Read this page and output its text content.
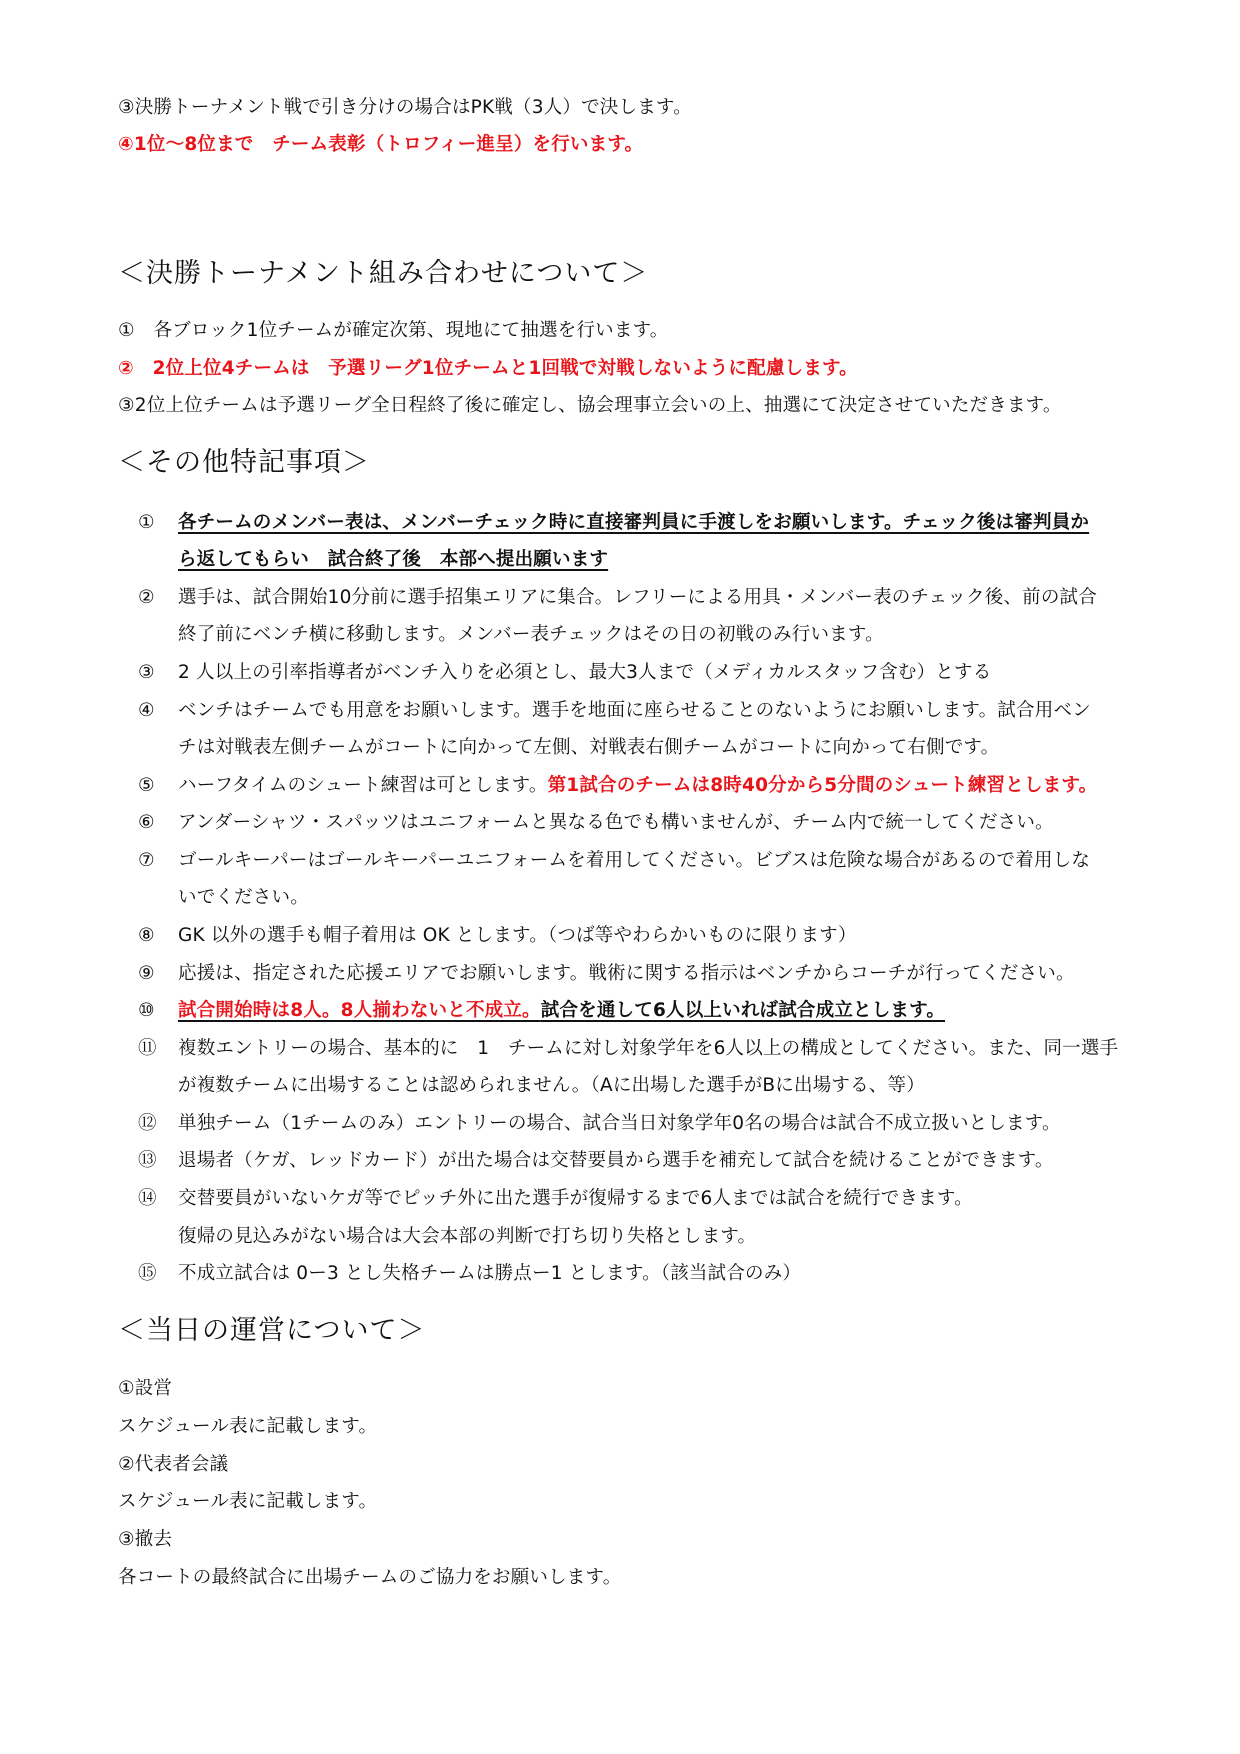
③決勝トーナメント戦で引き分けの場合はPK戦（3人）で決します。
④1位～8位まで　チーム表彰（トロフィー進呈）を行います。
＜決勝トーナメント組み合わせについて＞
①　各ブロック1位チームが確定次第、現地にて抽選を行います。
②　2位上位4チームは　予選リーグ1位チームと1回戦で対戦しないように配慮します。
③2位上位チームは予選リーグ全日程終了後に確定し、協会理事立会いの上、抽選にて決定させていただきます。
＜その他特記事項＞
①	各チームのメンバー表は、メンバーチェック時に直接審判員に手渡しをお願いします。チェック後は審判員か
ら返してもらい　試合終了後　本部へ提出願います
②	選手は、試合開始10分前に選手招集エリアに集合。レフリーによる用具・メンバー表のチェック後、前の試合
終了前にベンチ横に移動します。メンバー表チェックはその日の初戦のみ行います。
③	2 人以上の引率指導者がベンチ入りを必須とし、最大3人まで（メディカルスタッフ含む）とする
④	ベンチはチームでも用意をお願いします。選手を地面に座らせることのないようにお願いします。試合用ベン
チは対戦表左側チームがコートに向かって左側、対戦表右側チームがコートに向かって右側です。
⑤	ハーフタイムのシュート練習は可とします。第1試合のチームは8時40分から5分間のシュート練習とします。
⑥	アンダーシャツ・スパッツはユニフォームと異なる色でも構いませんが、チーム内で統一してください。
⑦	ゴールキーパーはゴールキーパーユニフォームを着用してください。ビブスは危険な場合があるので着用しな
いでください。
⑧	GK 以外の選手も帽子着用は OK とします。（つば等やわらかいものに限ります）
⑨	応援は、指定された応援エリアでお願いします。戦術に関する指示はベンチからコーチが行ってください。
⑩	試合開始時は8人。8人揃わないと不成立。試合を通して6人以上いれば試合成立とします。
⑪	複数エントリーの場合、基本的に　1　チームに対し対象学年を6人以上の構成としてください。また、同一選手
が複数チームに出場することは認められません。（Aに出場した選手がBに出場する、等）
⑫	単独チーム（1チームのみ）エントリーの場合、試合当日対象学年0名の場合は試合不成立扱いとします。
⑬	退場者（ケガ、レッドカード）が出た場合は交替要員から選手を補充して試合を続けることができます。
⑭	交替要員がいないケガ等でピッチ外に出た選手が復帰するまで6人までは試合を続行できます。
復帰の見込みがない場合は大会本部の判断で打ち切り失格とします。
⑮	不成立試合は 0ー3 とし失格チームは勝点ー1 とします。（該当試合のみ）
＜当日の運営について＞
①設営
スケジュール表に記載します。
②代表者会議
スケジュール表に記載します。
③撤去
各コートの最終試合に出場チームのご協力をお願いします。
